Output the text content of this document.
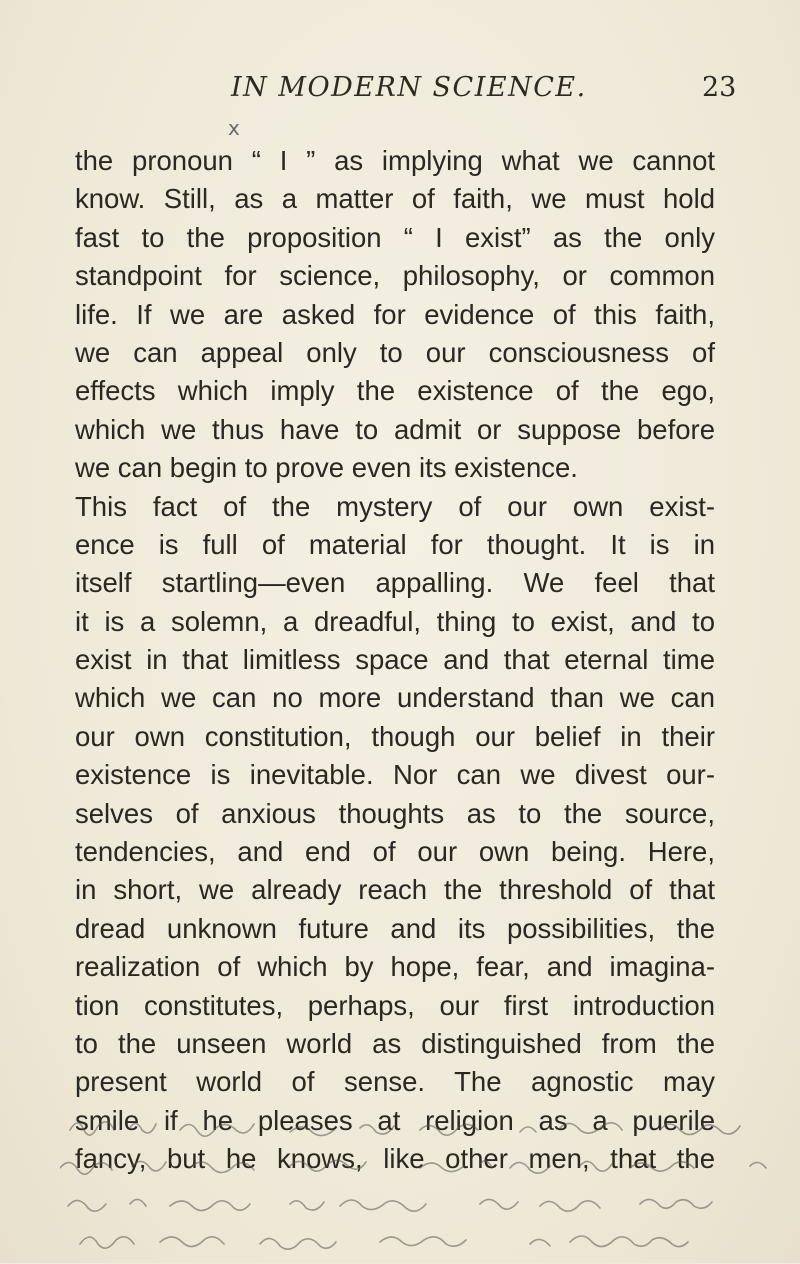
IN MODERN SCIENCE.	23
x
the pronoun “ I ” as implying what we cannot
know. Still, as a matter of faith, we must hold
fast to the proposition “ I exist” as the only
standpoint for science, philosophy, or common
life. If we are asked for evidence of this faith,
we can appeal only to our consciousness of
effects which imply the existence of the ego,
which we thus have to admit or suppose before
we can begin to prove even its existence.
This fact of the mystery of our own exist-
ence is full of material for thought. It is in
itself startling—even appalling. We feel that
it is a solemn, a dreadful, thing to exist, and to
exist in that limitless space and that eternal time
which we can no more understand than we can
our own constitution, though our belief in their
existence is inevitable. Nor can we divest our-
selves of anxious thoughts as to the source,
tendencies, and end of our own being. Here,
in short, we already reach the threshold of that
dread unknown future and its possibilities, the
realization of which by hope, fear, and imagina-
tion constitutes, perhaps, our first introduction
to the unseen world as distinguished from the
present world of sense. The agnostic may
smile if he pleases at religion as a puerile
fancy, but he knows, like other men, that the
